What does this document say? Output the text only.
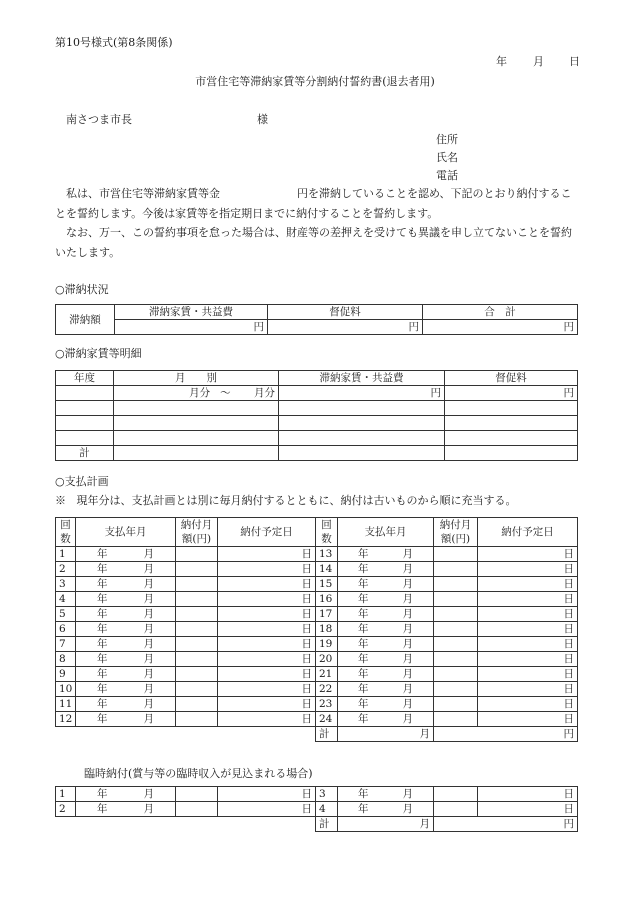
第10号様式(第8条関係)
年 月 日
市営住宅等滞納家賃等分割納付誓約書(退去者用)
南さつま市長	様
住所
氏名
電話
私は、市営住宅等滞納家賃等金　　　　　　　円を滞納していることを認め、下記のとおり納付することを誓約します。今後は家賃等を指定期日までに納付することを誓約します。
なお、万一、この誓約事項を怠った場合は、財産等の差押えを受けても異議を申し立てないことを誓約いたします。
○滞納状況
滞納額	滞納家賃・共益費	督促料	合　計
	円	円	円
○滞納家賃等明細
年度	月　　別	滞納家賃・共益費	督促料
	月分 〜 月分	円	円

計			
○支払計画
※ 現年分は、支払計画とは別に毎月納付するとともに、納付は古いものから順に充当する。
回数	支払年月	納付月額(円)	納付予定日	回数	支払年月	納付月額(円)	納付予定日
1	年 月		日	13	年 月		日
2	年 月		日	14	年 月		日
3	年 月		日	15	年 月		日
4	年 月		日	16	年 月		日
5	年 月		日	17	年 月		日
6	年 月		日	18	年 月		日
7	年 月		日	19	年 月		日
8	年 月		日	20	年 月		日
9	年 月		日	21	年 月		日
10	年 月		日	22	年 月		日
11	年 月		日	23	年 月		日
12	年 月		日	24	年 月		日
				計	月	円	
臨時納付(賞与等の臨時収入が見込まれる場合)
1	年 月		日	3	年 月		日
2	年 月		日	4	年 月		日
				計	月	円	
